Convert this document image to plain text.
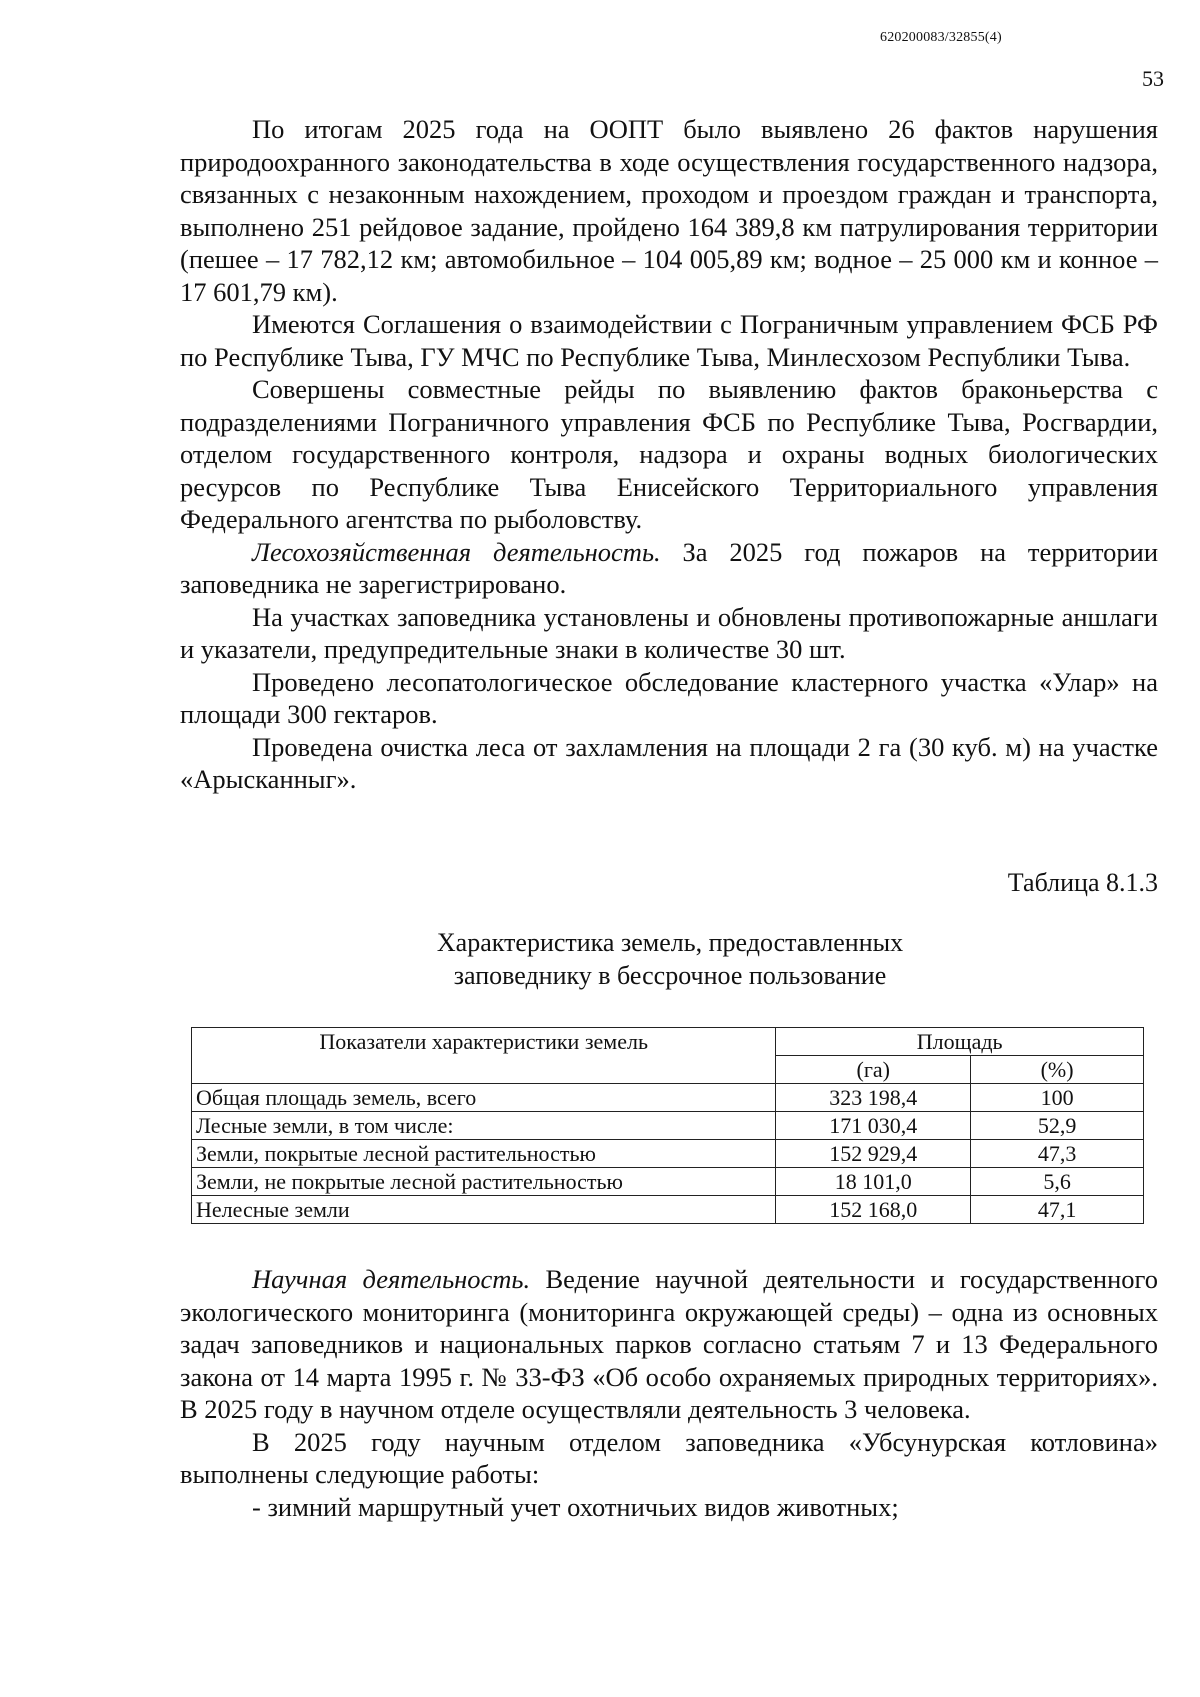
620200083/32855(4)
53

По итогам 2025 года на ООПТ было выявлено 26 фактов нарушения природоохранного законодательства в ходе осуществления государственного надзора, связанных с незаконным нахождением, проходом и проездом граждан и транспорта, выполнено 251 рейдовое задание, пройдено 164 389,8 км патрулирования территории (пешее – 17 782,12 км; автомобильное – 104 005,89 км; водное – 25 000 км и конное – 17 601,79 км).

Имеются Соглашения о взаимодействии с Пограничным управлением ФСБ РФ по Республике Тыва, ГУ МЧС по Республике Тыва, Минлесхозом Республики Тыва.

Совершены совместные рейды по выявлению фактов браконьерства с подразделениями Пограничного управления ФСБ по Республике Тыва, Росгвардии, отделом государственного контроля, надзора и охраны водных биологических ресурсов по Республике Тыва Енисейского Территориального управления Федерального агентства по рыболовству.

Лесохозяйственная деятельность. За 2025 год пожаров на территории заповедника не зарегистрировано.

На участках заповедника установлены и обновлены противопожарные аншлаги и указатели, предупредительные знаки в количестве 30 шт.

Проведено лесопатологическое обследование кластерного участка «Улар» на площади 300 гектаров.

Проведена очистка леса от захламления на площади 2 га (30 куб. м) на участке «Арысканныг».

Таблица 8.1.3
Характеристика земель, предоставленных
заповеднику в бессрочное пользование
Показатели характеристики земель	Площадь	
	(га)	(%)
Общая площадь земель, всего	323 198,4	100
Лесные земли, в том числе:	171 030,4	52,9
Земли, покрытые лесной растительностью	152 929,4	47,3
Земли, не покрытые лесной растительностью	18 101,0	5,6
Нелесные земли	152 168,0	47,1

Научная деятельность. Ведение научной деятельности и государственного экологического мониторинга (мониторинга окружающей среды) – одна из основных задач заповедников и национальных парков согласно статьям 7 и 13 Федерального закона от 14 марта 1995 г. № 33-ФЗ «Об особо охраняемых природных территориях». В 2025 году в научном отделе осуществляли деятельность 3 человека.

В 2025 году научным отделом заповедника «Убсунурская котловина» выполнены следующие работы:

- зимний маршрутный учет охотничьих видов животных;
